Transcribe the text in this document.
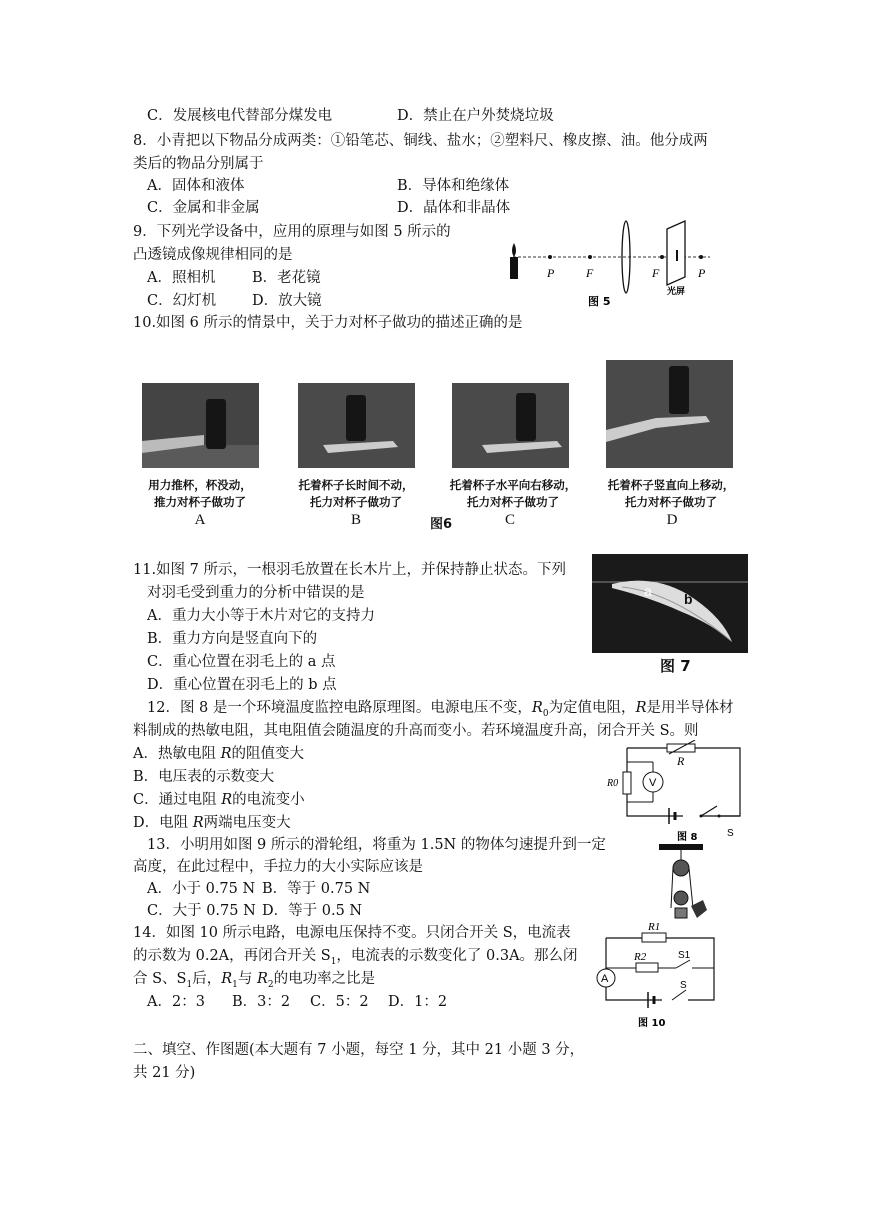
C．发展核电代替部分煤发电	D．禁止在户外焚烧垃圾
8．小青把以下物品分成两类：①铅笔芯、铜线、盐水；②塑料尺、橡皮擦、油。他分成两
类后的物品分别属于
A．固体和液体	B．导体和绝缘体
C．金属和非金属	D．晶体和非晶体
9．下列光学设备中，应用的原理与如图 5 所示的
凸透镜成像规律相同的是
A．照相机	B．老花镜
C．幻灯机 D．放大镜
P	F	F	P
光屏
图 5
10.如图 6 所示的情景中，关于力对杯子做功的描述正确的是
用力推杯，杯没动，
推力对杯子做功了
A
托着杯子长时间不动，
托力对杯子做功了
B
托着杯子水平向右移动，
托力对杯子做功了
C
托着杯子竖直向上移动，
托力对杯子做功了
D
图6
11.如图 7 所示，一根羽毛放置在长木片上，并保持静止状态。下列
对羽毛受到重力的分析中错误的是
A．重力大小等于木片对它的支持力
B．重力方向是竖直向下的
C．重心位置在羽毛上的 a 点
D．重心位置在羽毛上的 b 点
a b
图 7
12．图 8 是一个环境温度监控电路原理图。电源电压不变，$R_0$为定值电阻，R是用半导体材
料制成的热敏电阻，其电阻值会随温度的升高而变小。若环境温度升高，闭合开关 S。则
A．热敏电阻 R的阻值变大
B．电压表的示数变大
C．通过电阻 R的电流变小
D．电阻 R两端电压变大
R
R0	V
S
图 8
13．小明用如图 9 所示的滑轮组，将重为 1.5N 的物体匀速提升到一定
高度，在此过程中，手拉力的大小实际应该是
A．小于 0.75 N B．等于 0.75 N
C．大于 0.75 N D．等于 0.5 N
14．如图 10 所示电路，电源电压保持不变。只闭合开关 S，电流表
的示数为 0.2A，再闭合开关 $S_1$，电流表的示数变化了 0.3A。那么闭
合 S、$S_1$后，$R_1$与 $R_2$的电功率之比是
A．2：3 B．3：2 C．5：2 D．1：2
R1
R2	S1
A
S
图 10
二、填空、作图题(本大题有 7 小题，每空 1 分，其中 21 小题 3 分，
共 21 分)
